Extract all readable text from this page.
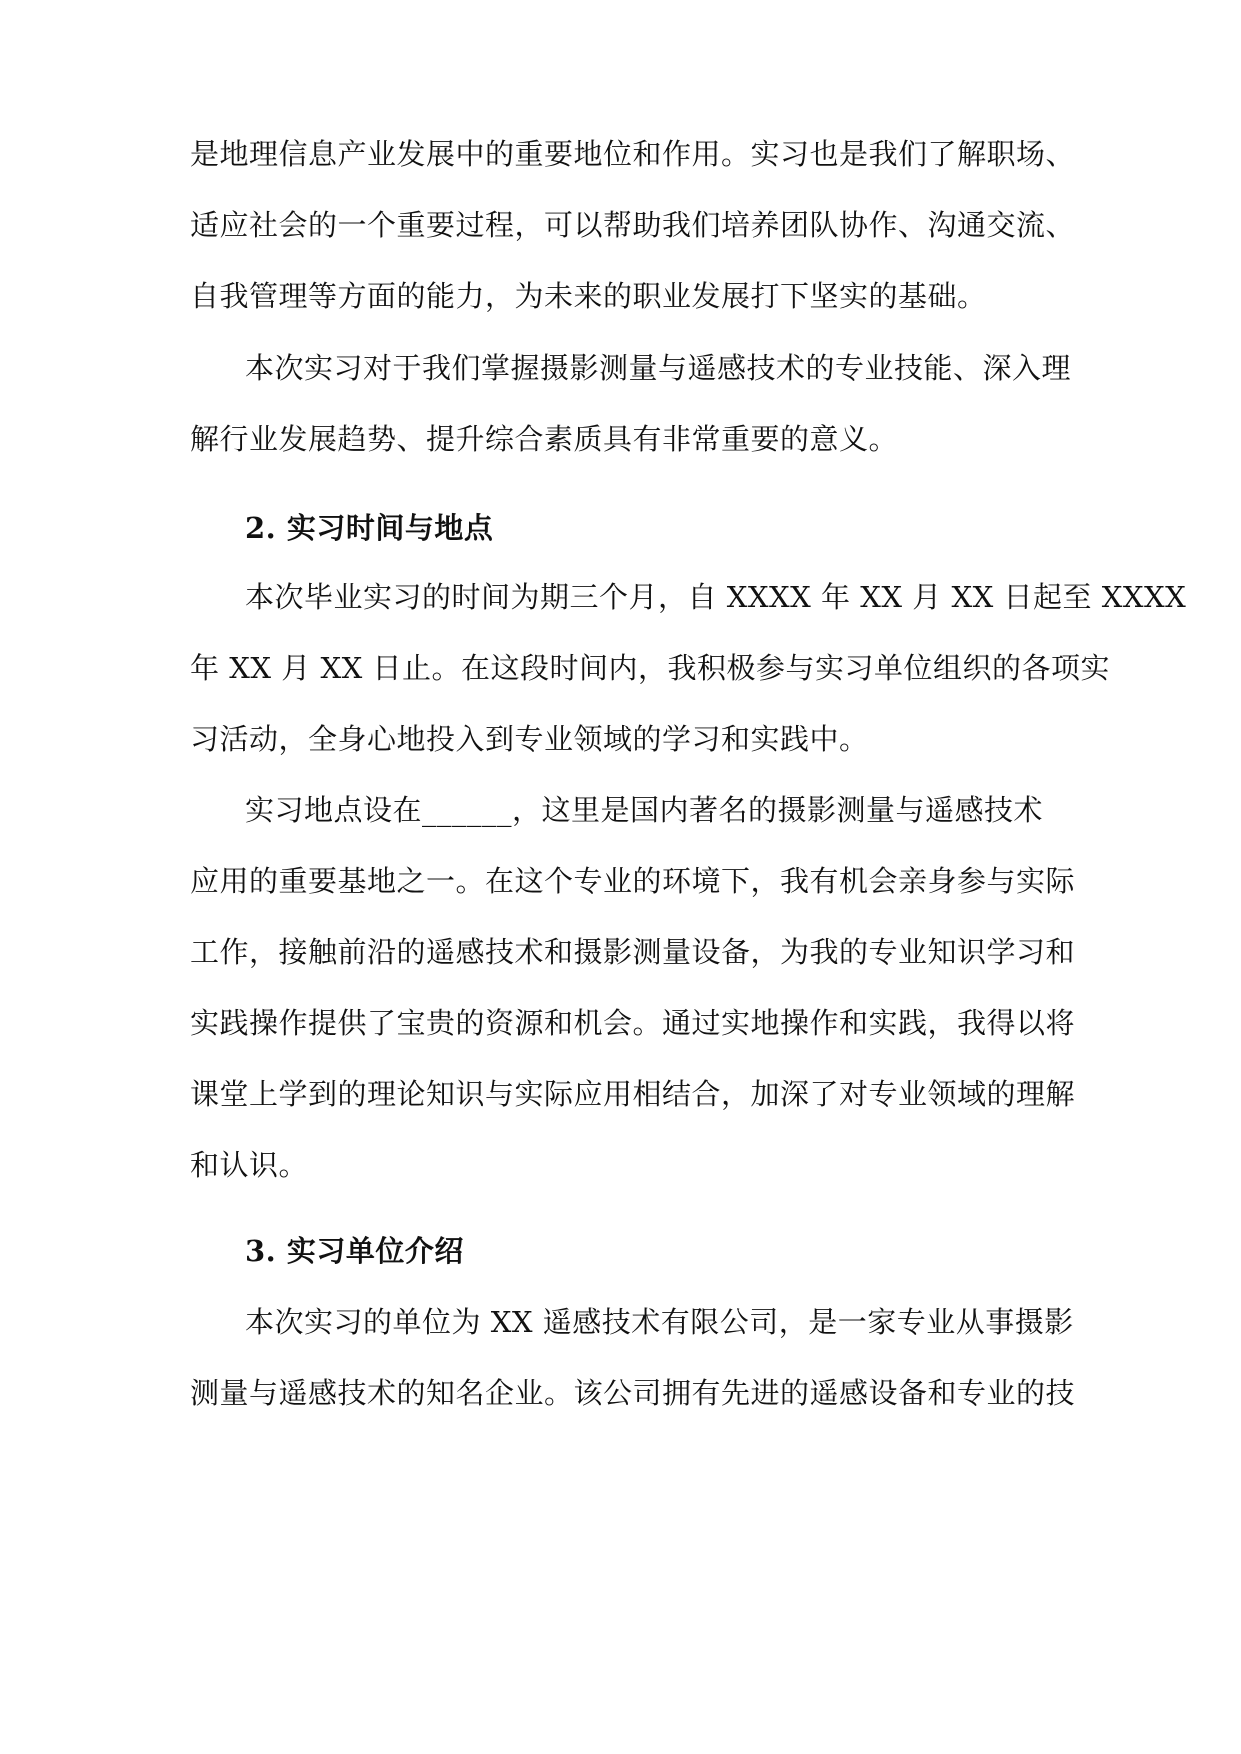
是地理信息产业发展中的重要地位和作用。实习也是我们了解职场、
适应社会的一个重要过程，可以帮助我们培养团队协作、沟通交流、
自我管理等方面的能力，为未来的职业发展打下坚实的基础。
本次实习对于我们掌握摄影测量与遥感技术的专业技能、深入理
解行业发展趋势、提升综合素质具有非常重要的意义。
2. 实习时间与地点
本次毕业实习的时间为期三个月，自 XXXX 年 XX 月 XX 日起至 XXXX
年 XX 月 XX 日止。在这段时间内，我积极参与实习单位组织的各项实
习活动，全身心地投入到专业领域的学习和实践中。
实习地点设在______，这里是国内著名的摄影测量与遥感技术
应用的重要基地之一。在这个专业的环境下，我有机会亲身参与实际
工作，接触前沿的遥感技术和摄影测量设备，为我的专业知识学习和
实践操作提供了宝贵的资源和机会。通过实地操作和实践，我得以将
课堂上学到的理论知识与实际应用相结合，加深了对专业领域的理解
和认识。
3. 实习单位介绍
本次实习的单位为 XX 遥感技术有限公司，是一家专业从事摄影
测量与遥感技术的知名企业。该公司拥有先进的遥感设备和专业的技
